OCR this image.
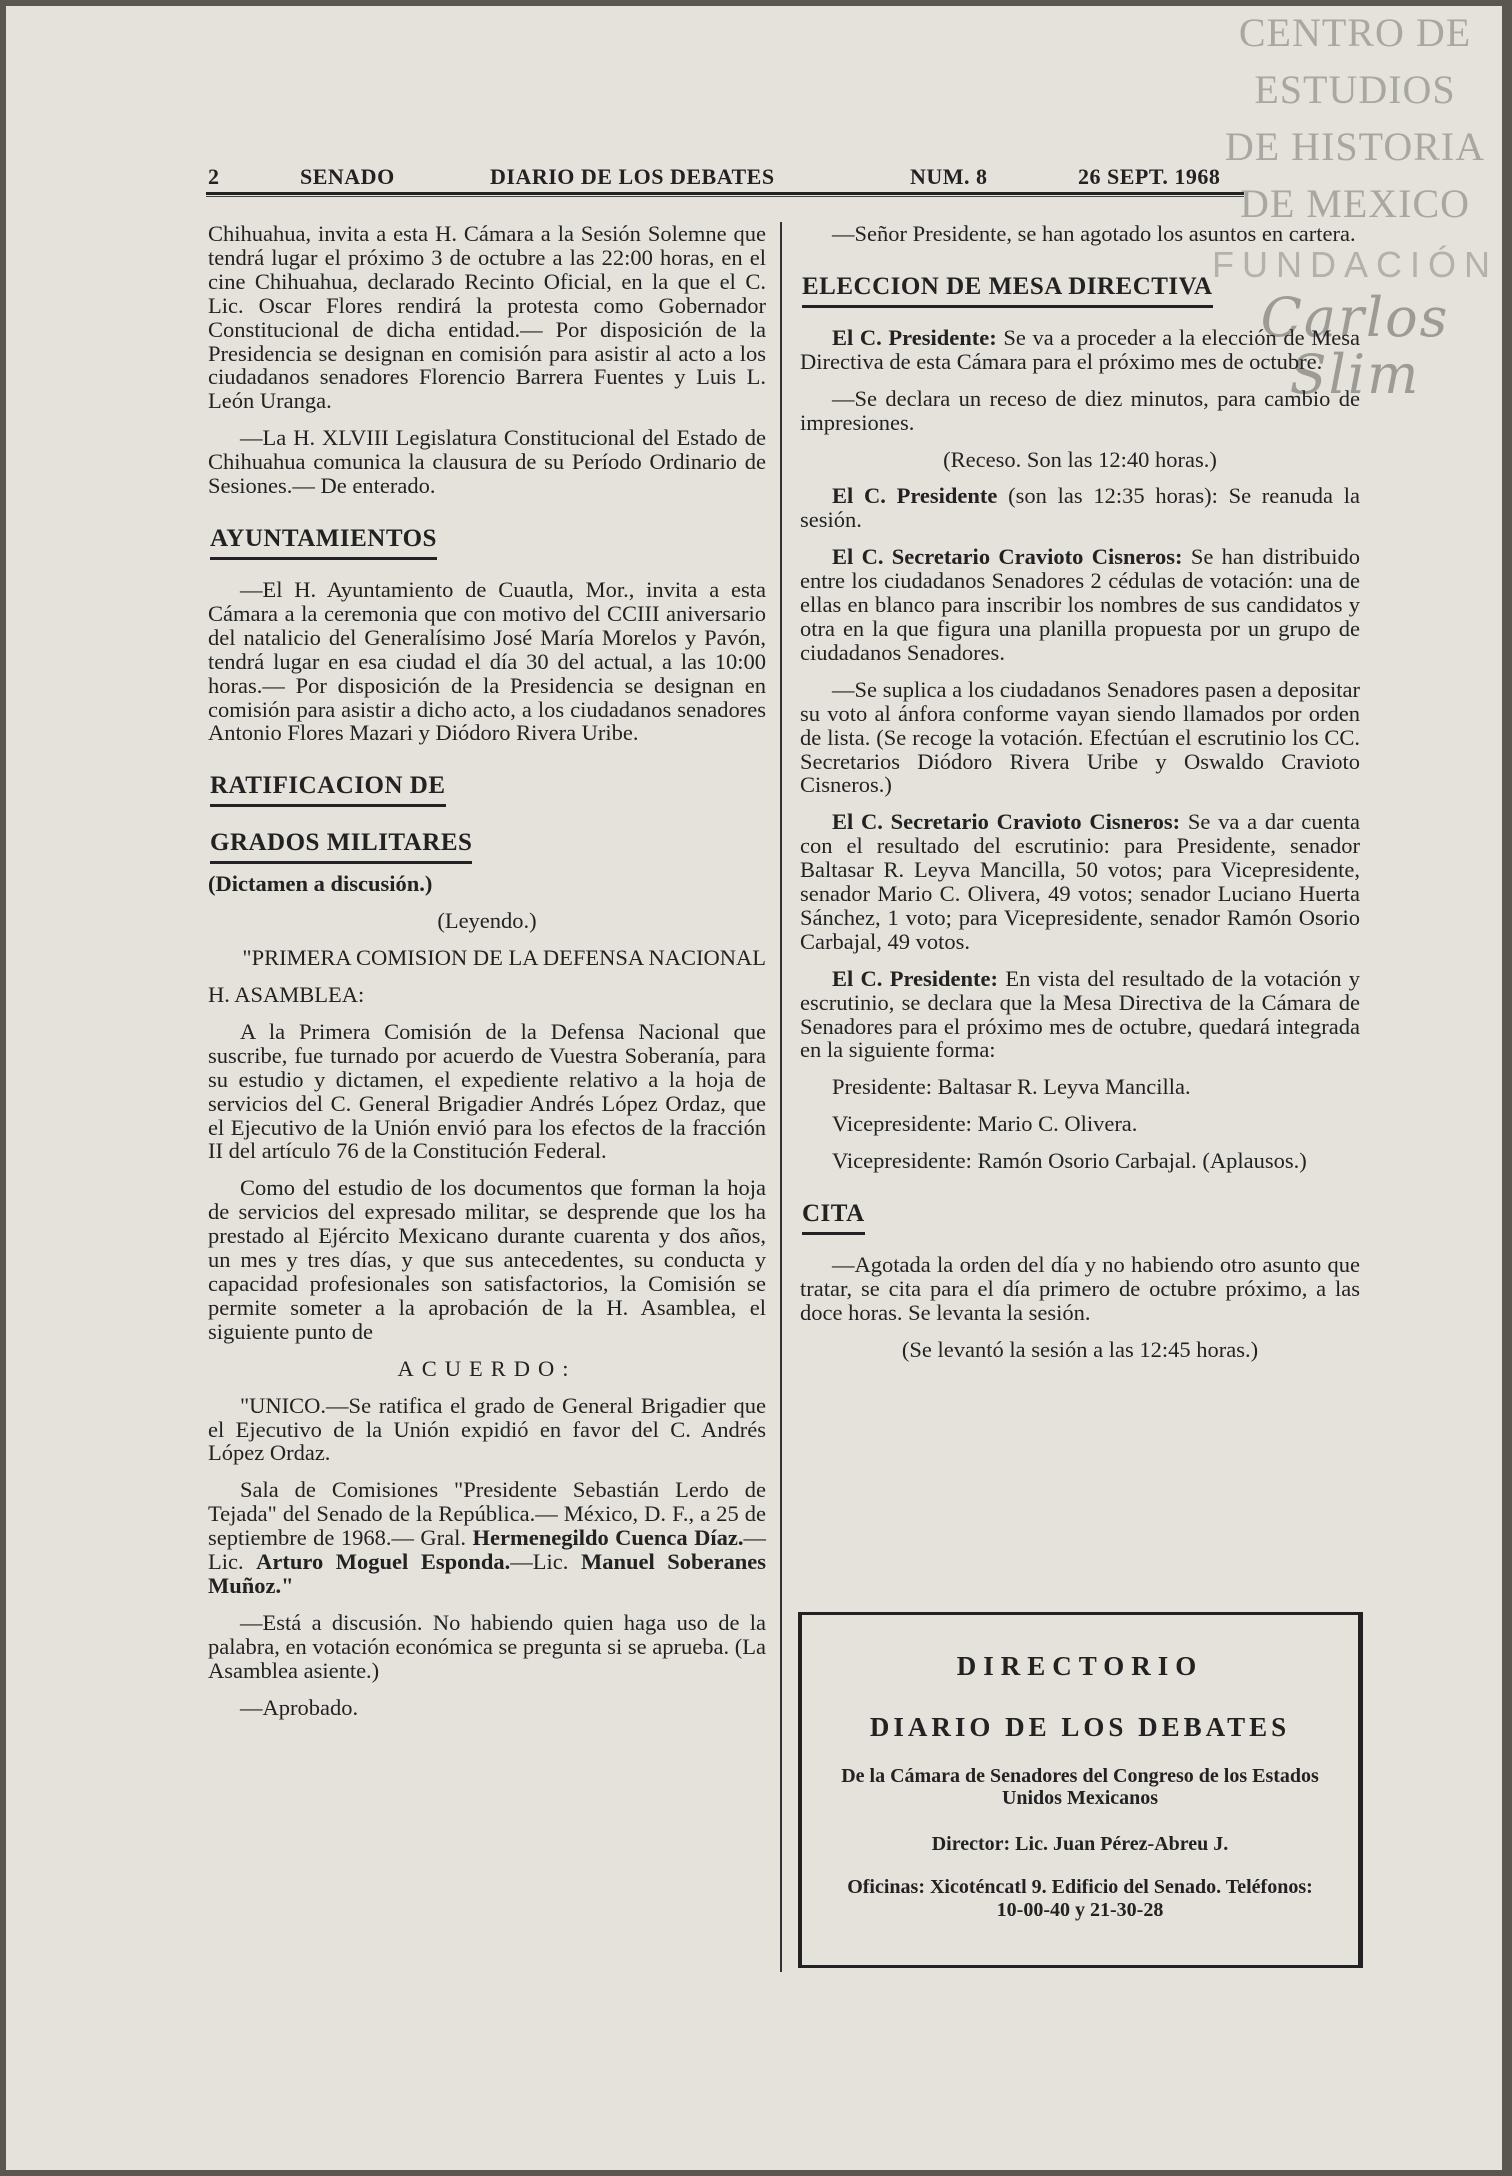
CENTRO DE
ESTUDIOS
DE HISTORIA
DE MEXICO
FUNDACIÓN
Carlos Slim
2	SENADO	DIARIO DE LOS DEBATES	NUM. 8	26 SEPT. 1968

Chihuahua, invita a esta H. Cámara a la Sesión Solemne que tendrá lugar el próximo 3 de octubre a las 22:00 horas, en el cine Chihuahua, declarado Recinto Oficial, en la que el C. Lic. Oscar Flores rendirá la protesta como Gobernador Constitucional de dicha entidad.— Por disposición de la Presidencia se designan en comisión para asistir al acto a los ciudadanos senadores Florencio Barrera Fuentes y Luis L. León Uranga.

—La H. XLVIII Legislatura Constitucional del Estado de Chihuahua comunica la clausura de su Período Ordinario de Sesiones.— De enterado.

AYUNTAMIENTOS

—El H. Ayuntamiento de Cuautla, Mor., invita a esta Cámara a la ceremonia que con motivo del CCIII aniversario del natalicio del Generalísimo José María Morelos y Pavón, tendrá lugar en esa ciudad el día 30 del actual, a las 10:00 horas.— Por disposición de la Presidencia se designan en comisión para asistir a dicho acto, a los ciudadanos senadores Antonio Flores Mazari y Diódoro Rivera Uribe.

RATIFICACION DE
GRADOS MILITARES

(Dictamen a discusión.)

(Leyendo.)

"PRIMERA COMISION DE LA DEFENSA NACIONAL

H. ASAMBLEA:

A la Primera Comisión de la Defensa Nacional que suscribe, fue turnado por acuerdo de Vuestra Soberanía, para su estudio y dictamen, el expediente relativo a la hoja de servicios del C. General Brigadier Andrés López Ordaz, que el Ejecutivo de la Unión envió para los efectos de la fracción II del artículo 76 de la Constitución Federal.

Como del estudio de los documentos que forman la hoja de servicios del expresado militar, se desprende que los ha prestado al Ejército Mexicano durante cuarenta y dos años, un mes y tres días, y que sus antecedentes, su conducta y capacidad profesionales son satisfactorios, la Comisión se permite someter a la aprobación de la H. Asamblea, el siguiente punto de

ACUERDO:

"UNICO.—Se ratifica el grado de General Brigadier que el Ejecutivo de la Unión expidió en favor del C. Andrés López Ordaz.

Sala de Comisiones "Presidente Sebastián Lerdo de Tejada" del Senado de la República.— México, D. F., a 25 de septiembre de 1968.— Gral. Hermenegildo Cuenca Díaz.—Lic. Arturo Moguel Esponda.—Lic. Manuel Soberanes Muñoz."

—Está a discusión. No habiendo quien haga uso de la palabra, en votación económica se pregunta si se aprueba. (La Asamblea asiente.)

—Aprobado.

—Señor Presidente, se han agotado los asuntos en cartera.

ELECCION DE MESA DIRECTIVA

El C. Presidente: Se va a proceder a la elección de Mesa Directiva de esta Cámara para el próximo mes de octubre.

—Se declara un receso de diez minutos, para cambio de impresiones.

(Receso. Son las 12:40 horas.)

El C. Presidente (son las 12:35 horas): Se reanuda la sesión.

El C. Secretario Cravioto Cisneros: Se han distribuido entre los ciudadanos Senadores 2 cédulas de votación: una de ellas en blanco para inscribir los nombres de sus candidatos y otra en la que figura una planilla propuesta por un grupo de ciudadanos Senadores.

—Se suplica a los ciudadanos Senadores pasen a depositar su voto al ánfora conforme vayan siendo llamados por orden de lista. (Se recoge la votación. Efectúan el escrutinio los CC. Secretarios Diódoro Rivera Uribe y Oswaldo Cravioto Cisneros.)

El C. Secretario Cravioto Cisneros: Se va a dar cuenta con el resultado del escrutinio: para Presidente, senador Baltasar R. Leyva Mancilla, 50 votos; para Vicepresidente, senador Mario C. Olivera, 49 votos; senador Luciano Huerta Sánchez, 1 voto; para Vicepresidente, senador Ramón Osorio Carbajal, 49 votos.

El C. Presidente: En vista del resultado de la votación y escrutinio, se declara que la Mesa Directiva de la Cámara de Senadores para el próximo mes de octubre, quedará integrada en la siguiente forma:

Presidente: Baltasar R. Leyva Mancilla.

Vicepresidente: Mario C. Olivera.

Vicepresidente: Ramón Osorio Carbajal. (Aplausos.)

CITA

—Agotada la orden del día y no habiendo otro asunto que tratar, se cita para el día primero de octubre próximo, a las doce horas. Se levanta la sesión.

(Se levantó la sesión a las 12:45 horas.)

DIRECTORIO
DIARIO DE LOS DEBATES
De la Cámara de Senadores del Congreso de los Estados Unidos Mexicanos
Director: Lic. Juan Pérez-Abreu J.
Oficinas: Xicoténcatl 9. Edificio del Senado. Teléfonos: 10-00-40 y 21-30-28
